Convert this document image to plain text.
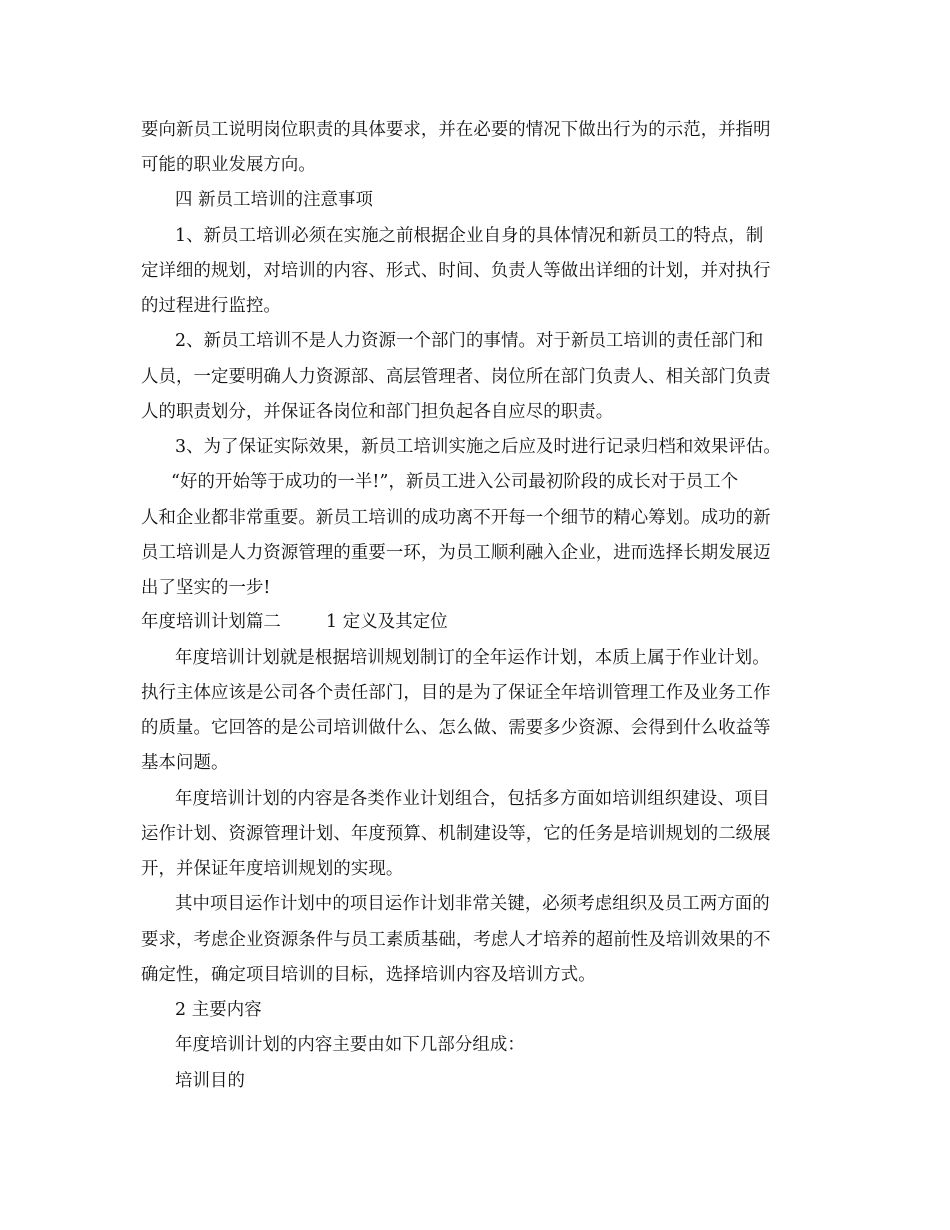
要向新员工说明岗位职责的具体要求，并在必要的情况下做出行为的示范，并指明
可能的职业发展方向。
四 新员工培训的注意事项
1、新员工培训必须在实施之前根据企业自身的具体情况和新员工的特点，制
定详细的规划，对培训的内容、形式、时间、负责人等做出详细的计划，并对执行
的过程进行监控。
2、新员工培训不是人力资源一个部门的事情。对于新员工培训的责任部门和
人员，一定要明确人力资源部、高层管理者、岗位所在部门负责人、相关部门负责
人的职责划分，并保证各岗位和部门担负起各自应尽的职责。
3、为了保证实际效果，新员工培训实施之后应及时进行记录归档和效果评估。
“好的开始等于成功的一半!”，新员工进入公司最初阶段的成长对于员工个
人和企业都非常重要。新员工培训的成功离不开每一个细节的精心筹划。成功的新
员工培训是人力资源管理的重要一环，为员工顺利融入企业，进而选择长期发展迈
出了坚实的一步!
年度培训计划篇二        1 定义及其定位
年度培训计划就是根据培训规划制订的全年运作计划，本质上属于作业计划。
执行主体应该是公司各个责任部门，目的是为了保证全年培训管理工作及业务工作
的质量。它回答的是公司培训做什么、怎么做、需要多少资源、会得到什么收益等
基本问题。
年度培训计划的内容是各类作业计划组合，包括多方面如培训组织建设、项目
运作计划、资源管理计划、年度预算、机制建设等，它的任务是培训规划的二级展
开，并保证年度培训规划的实现。
其中项目运作计划中的项目运作计划非常关键，必须考虑组织及员工两方面的
要求，考虑企业资源条件与员工素质基础，考虑人才培养的超前性及培训效果的不
确定性，确定项目培训的目标，选择培训内容及培训方式。
2 主要内容
年度培训计划的内容主要由如下几部分组成：
培训目的
